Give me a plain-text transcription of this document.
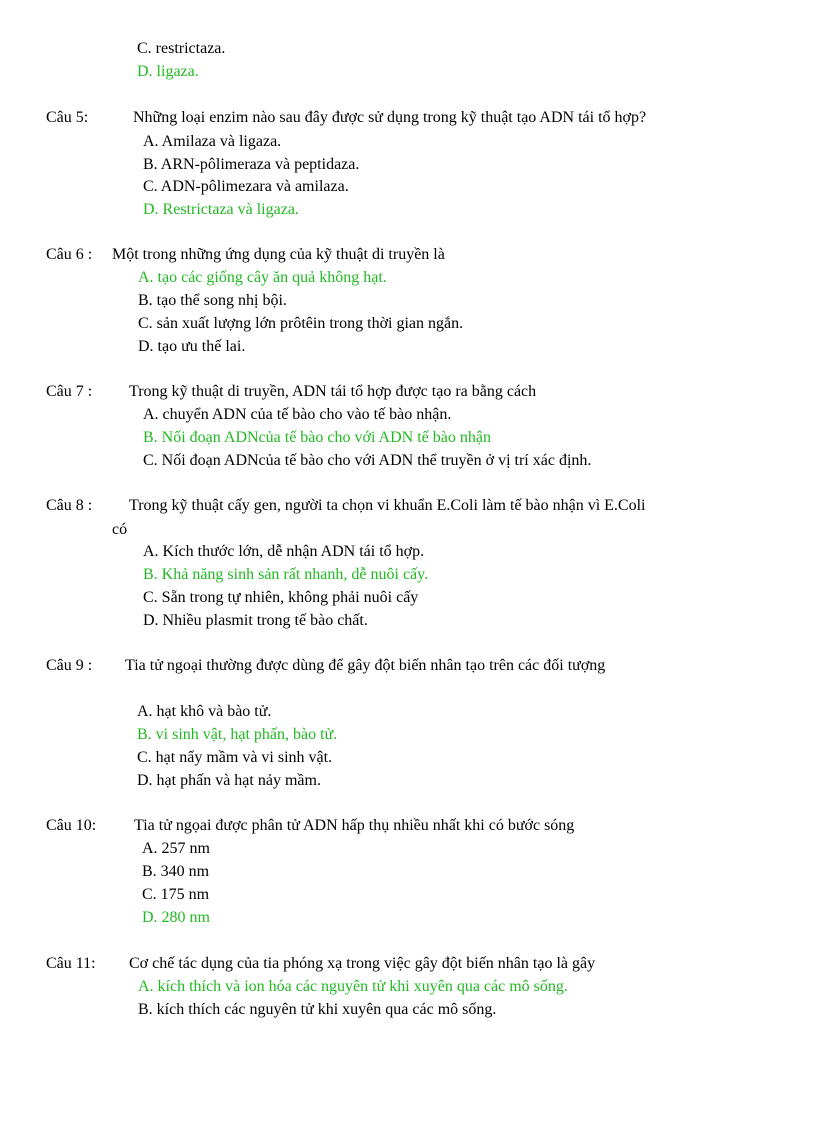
C. restrictaza.
D. ligaza.
Câu 5:	Những loại enzim nào sau đây được sử dụng trong kỹ thuật tạo ADN tái tổ hợp?
A. Amilaza và ligaza.
B. ARN-pôlimeraza và peptidaza.
C. ADN-pôlimezara và amilaza.
D. Restrictaza và ligaza.
Câu 6 : Một trong những ứng dụng của kỹ thuật di truyền là
A. tạo các giống cây ăn quả không hạt.
B. tạo thể song nhị bội.
C. sản xuất lượng lớn prôtêin trong thời gian ngắn.
D. tạo ưu thế lai.
Câu 7 : Trong kỹ thuật di truyền, ADN tái tổ hợp được tạo ra bằng cách
A. chuyển ADN của tế bào cho vào tế bào nhận.
B. Nối đoạn ADNcủa tế bào cho với ADN tế bào nhận
C. Nối đoạn ADNcủa tế bào cho với ADN thể truyền ở vị trí xác định.
Câu 8 : Trong kỹ thuật cấy gen, người ta chọn vi khuẩn E.Coli làm tế bào nhận vì E.Coli
có
A. Kích thước lớn, dễ nhận ADN tái tổ hợp.
B. Khả năng sinh sản rất nhanh, dễ nuôi cấy.
C. Sẵn trong tự nhiên, không phải nuôi cấy
D. Nhiều plasmit trong tế bào chất.
Câu 9 : Tia tử ngoại thường được dùng để gây đột biến nhân tạo trên các đối tượng
A. hạt khô và bào tử.
B. vi sinh vật, hạt phấn, bào tử.
C. hạt nẩy mầm và vi sinh vật.
D. hạt phấn và hạt nảy mầm.
Câu 10: Tia tử ngọai được phân tử ADN hấp thụ nhiều nhất khi có bước sóng
A. 257 nm
B. 340 nm
C. 175 nm
D. 280 nm
Câu 11: Cơ chế tác dụng của tia phóng xạ trong việc gây đột biến nhân tạo là gây
A. kích thích và ion hóa các nguyên tử khi xuyên qua các mô sống.
B. kích thích các nguyên tử khi xuyên qua các mô sống.
